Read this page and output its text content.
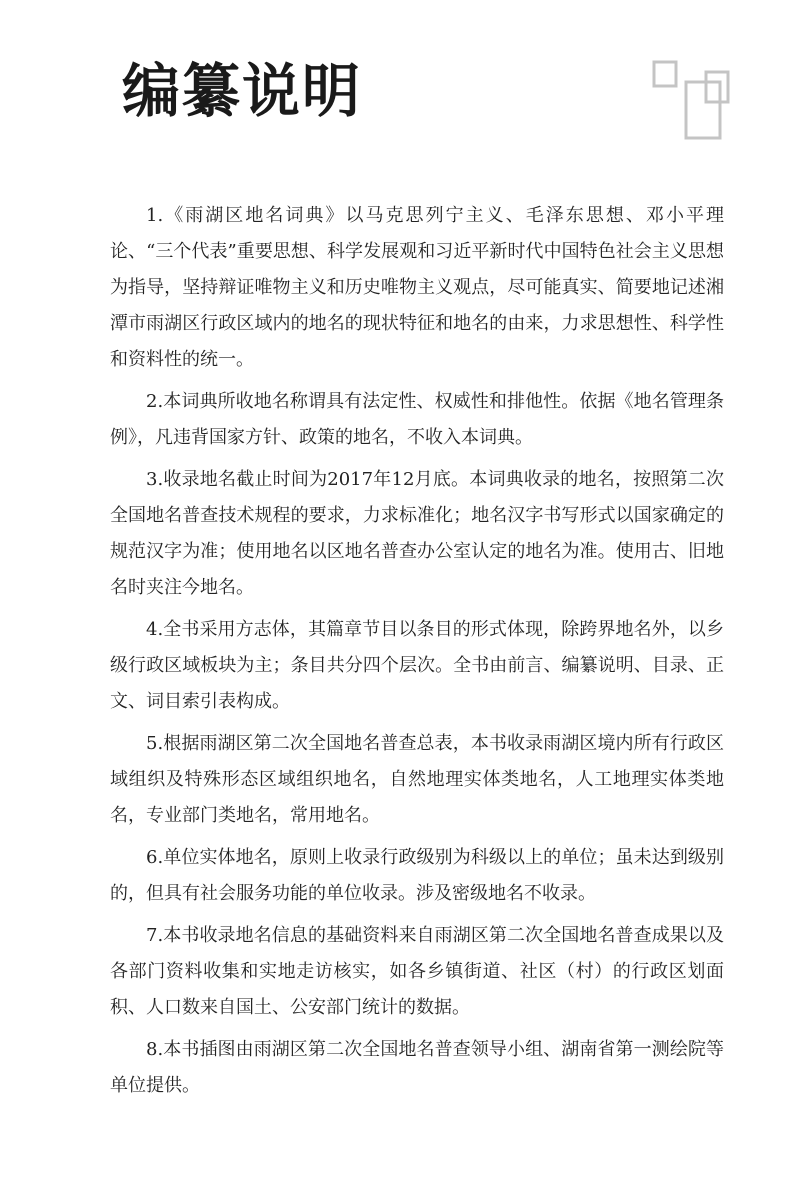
编纂说明

1.《雨湖区地名词典》以马克思列宁主义、毛泽东思想、邓小平理论、“三个代表”重要思想、科学发展观和习近平新时代中国特色社会主义思想为指导，坚持辩证唯物主义和历史唯物主义观点，尽可能真实、简要地记述湘潭市雨湖区行政区域内的地名的现状特征和地名的由来，力求思想性、科学性和资料性的统一。

2.本词典所收地名称谓具有法定性、权威性和排他性。依据《地名管理条例》，凡违背国家方针、政策的地名，不收入本词典。

3.收录地名截止时间为2017年12月底。本词典收录的地名，按照第二次全国地名普查技术规程的要求，力求标准化；地名汉字书写形式以国家确定的规范汉字为准；使用地名以区地名普查办公室认定的地名为准。使用古、旧地名时夹注今地名。

4.全书采用方志体，其篇章节目以条目的形式体现，除跨界地名外，以乡级行政区域板块为主；条目共分四个层次。全书由前言、编纂说明、目录、正文、词目索引表构成。

5.根据雨湖区第二次全国地名普查总表，本书收录雨湖区境内所有行政区域组织及特殊形态区域组织地名，自然地理实体类地名，人工地理实体类地名，专业部门类地名，常用地名。

6.单位实体地名，原则上收录行政级别为科级以上的单位；虽未达到级别的，但具有社会服务功能的单位收录。涉及密级地名不收录。

7.本书收录地名信息的基础资料来自雨湖区第二次全国地名普查成果以及各部门资料收集和实地走访核实，如各乡镇街道、社区（村）的行政区划面积、人口数来自国土、公安部门统计的数据。

8.本书插图由雨湖区第二次全国地名普查领导小组、湖南省第一测绘院等单位提供。
